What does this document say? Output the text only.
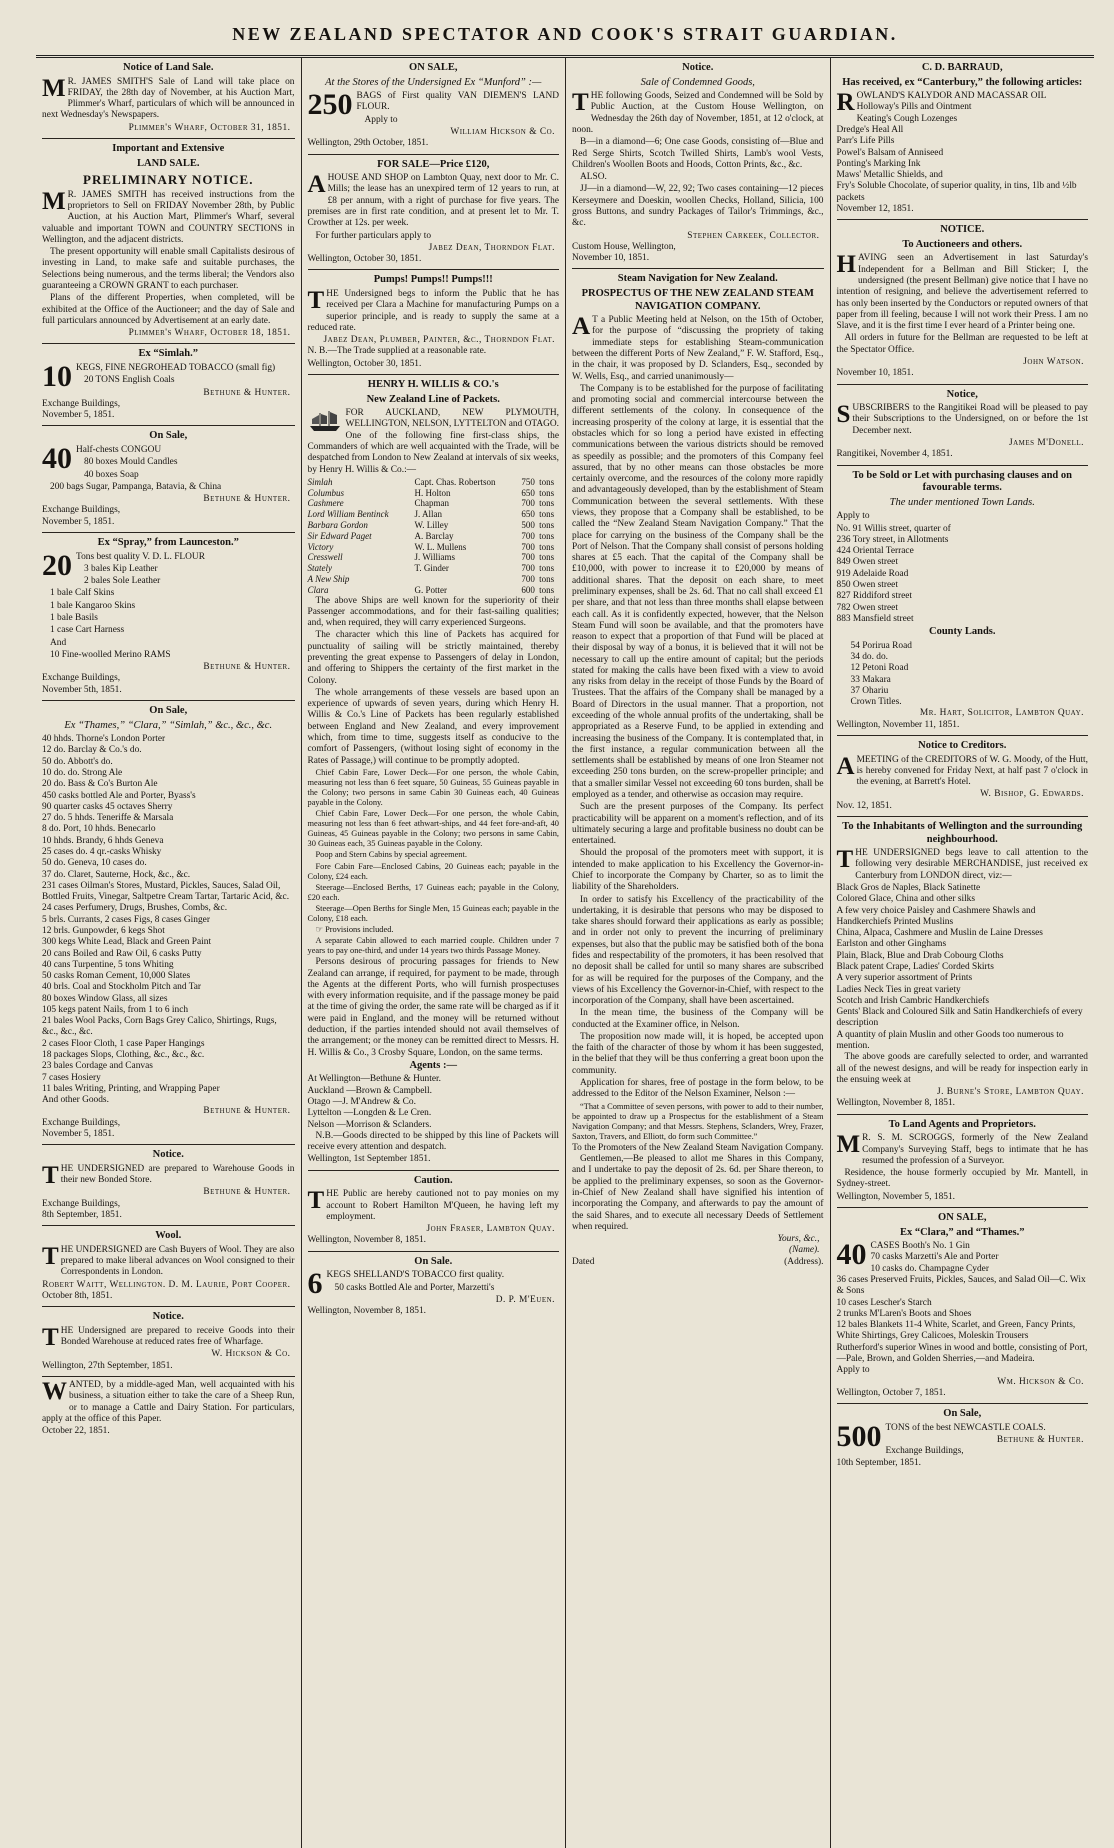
NEW ZEALAND SPECTATOR AND COOK'S STRAIT GUARDIAN.
Notice of Land Sale.
M R. JAMES SMITH'S Sale of Land will take place on FRIDAY, the 28th day of November, at his Auction Mart, Plimmer's Wharf, particulars of which will be announced in next Wednesday's Newspapers.
Plimmer's Wharf, October 31, 1851.
Important and Extensive
LAND SALE.
PRELIMINARY NOTICE.
M R. JAMES SMITH has received instructions from the proprietors to Sell on FRIDAY November 28th, by Public Auction, at his Auction Mart, Plimmer's Wharf, several valuable and important TOWN and COUNTRY SECTIONS in Wellington, and the adjacent districts.
The present opportunity will enable small Capitalists desirous of investing in Land, to make safe and suitable purchases, the Selections being numerous, and the terms liberal; the Vendors also guaranteeing a CROWN GRANT to each purchaser.
Plans of the different Properties, when completed, will be exhibited at the Office of the Auctioneer; and the day of Sale and full particulars announced by Advertisement at an early date.
Plimmer's Wharf, October 18, 1851.
Ex “Simlah.”
10 KEGS, FINE NEGROHEAD TOBACCO (small fig)
20 TONS English Coals
Bethune & Hunter.
Exchange Buildings,
November 5, 1851.
On Sale,
40 Half-chests CONGOU
80 boxes Mould Candles
40 boxes Soap
200 bags Sugar, Pampanga, Batavia, & China
Bethune & Hunter.
Exchange Buildings,
November 5, 1851.
Ex “Spray,” from Launceston.”
20 Tons best quality V. D. L. FLOUR
3 bales Kip Leather
2 bales Sole Leather
1 bale Calf Skins
1 bale Kangaroo Skins
1 bale Basils
1 case Cart Harness
And
10 Fine-woolled Merino RAMS
Bethune & Hunter.
Exchange Buildings,
November 5th, 1851.
On Sale,
Ex “Thames,” “Clara,” “Simlah,” &c., &c., &c.
40 hhds. Thorne's London Porter
12 do. Barclay & Co.'s do.
50 do. Abbott's do.
10 do. do. Strong Ale
20 do. Bass & Co's Burton Ale
450 casks bottled Ale and Porter, Byass's
90 quarter casks 45 octaves Sherry
27 do. 5 hhds. Teneriffe & Marsala
8 do. Port, 10 hhds. Benecarlo
10 hhds. Brandy, 6 hhds Geneva
25 cases do. 4 qr.-casks Whisky
50 do. Geneva, 10 cases do.
37 do. Claret, Sauterne, Hock, &c., &c.
231 cases Oilman's Stores, Mustard, Pickles, Sauces, Salad Oil, Bottled Fruits, Vinegar, Saltpetre Cream Tartar, Tartaric Acid, &c.
24 cases Perfumery, Drugs, Brushes, Combs, &c.
5 brls. Currants, 2 cases Figs, 8 cases Ginger
12 brls. Gunpowder, 6 kegs Shot
300 kegs White Lead, Black and Green Paint
20 cans Boiled and Raw Oil, 6 casks Putty
40 cans Turpentine, 5 tons Whiting
50 casks Roman Cement, 10,000 Slates
40 brls. Coal and Stockholm Pitch and Tar
80 boxes Window Glass, all sizes
105 kegs patent Nails, from 1 to 6 inch
21 bales Wool Packs, Corn Bags Grey Calico, Shirtings, Rugs, &c., &c., &c.
2 cases Floor Cloth, 1 case Paper Hangings
18 packages Slops, Clothing, &c., &c., &c.
23 bales Cordage and Canvas
7 cases Hosiery
11 bales Writing, Printing, and Wrapping Paper
And other Goods.
Bethune & Hunter.
Exchange Buildings,
November 5, 1851.
Notice.
T HE UNDERSIGNED are prepared to Warehouse Goods in their new Bonded Store.
Bethune & Hunter.
Exchange Buildings,
8th September, 1851.
Wool.
T HE UNDERSIGNED are Cash Buyers of Wool. They are also prepared to make liberal advances on Wool consigned to their Correspondents in London.
Robert Waitt, Wellington. D. M. Laurie, Port Cooper.
October 8th, 1851.
Notice.
T HE Undersigned are prepared to receive Goods into their Bonded Warehouse at reduced rates free of Wharfage.
W. Hickson & Co.
Wellington, 27th September, 1851.
W ANTED, by a middle-aged Man, well acquainted with his business, a situation either to take the care of a Sheep Run, or to manage a Cattle and Dairy Station. For particulars, apply at the office of this Paper.
October 22, 1851.
ON SALE,
At the Stores of the Undersigned Ex “Munford” :—
250 BAGS of First quality VAN DIEMEN'S LAND FLOUR.
Apply to
William Hickson & Co.
Wellington, 29th October, 1851.
FOR SALE—Price £120,
A HOUSE AND SHOP on Lambton Quay, next door to Mr. C. Mills; the lease has an unexpired term of 12 years to run, at £8 per annum, with a right of purchase for five years. The premises are in first rate condition, and at present let to Mr. T. Crowther at 12s. per week.
For further particulars apply to
Jabez Dean, Thorndon Flat.
Wellington, October 30, 1851.
Pumps! Pumps!! Pumps!!!
T HE Undersigned begs to inform the Public that he has received per Clara a Machine for manufacturing Pumps on a superior principle, and is ready to supply the same at a reduced rate.
Jabez Dean, Plumber, Painter, &c., Thorndon Flat.
N. B.—The Trade supplied at a reasonable rate.
Wellington, October 30, 1851.
HENRY H. WILLIS & CO.'s
New Zealand Line of Packets.
FOR AUCKLAND, NEW PLYMOUTH, WELLINGTON, NELSON, LYTTELTON and OTAGO. One of the following fine first-class ships, the Commanders of which are well acquainted with the Trade, will be despatched from London to New Zealand at intervals of six weeks, by Henry H. Willis & Co.:—
Simlah	Capt. Chas. Robertson	750	tons
Columbus	H. Holton	650	tons
Cashmere	Chapman	700	tons
Lord William Bentinck	J. Allan	650	tons
Barbara Gordon	W. Lilley	500	tons
Sir Edward Paget	A. Barclay	700	tons
Victory	W. L. Mullens	700	tons
Cresswell	J. Williams	700	tons
Stately	T. Ginder	700	tons
A New Ship		700	tons
Clara	G. Potter	600	tons
The above Ships are well known for the superiority of their Passenger accommodations, and for their fast-sailing qualities; and, when required, they will carry experienced Surgeons.
The character which this line of Packets has acquired for punctuality of sailing will be strictly maintained, thereby preventing the great expense to Passengers of delay in London, and offering to Shippers the certainty of the first market in the Colony.
The whole arrangements of these vessels are based upon an experience of upwards of seven years, during which Henry H. Willis & Co.'s Line of Packets has been regularly established between England and New Zealand, and every improvement which, from time to time, suggests itself as conducive to the comfort of Passengers, (without losing sight of economy in the Rates of Passage,) will continue to be promptly adopted.
Chief Cabin Fare, Lower Deck—For one person, the whole Cabin, measuring not less than 6 feet square, 50 Guineas, 55 Guineas payable in the Colony; two persons in same Cabin 30 Guineas each, 40 Guineas payable in the Colony.
Chief Cabin Fare, Lower Deck—For one person, the whole Cabin, measuring not less than 6 feet athwart-ships, and 44 feet fore-and-aft, 40 Guineas, 45 Guineas payable in the Colony; two persons in same Cabin, 30 Guineas each, 35 Guineas payable in the Colony.
Poop and Stern Cabins by special agreement.
Fore Cabin Fare—Enclosed Cabins, 20 Guineas each; payable in the Colony, £24 each.
Steerage—Enclosed Berths, 17 Guineas each; payable in the Colony, £20 each.
Steerage—Open Berths for Single Men, 15 Guineas each; payable in the Colony, £18 each.
☞ Provisions included.
A separate Cabin allowed to each married couple. Children under 7 years to pay one-third, and under 14 years two thirds Passage Money.
Persons desirous of procuring passages for friends to New Zealand can arrange, if required, for payment to be made, through the Agents at the different Ports, who will furnish prospectuses with every information requisite, and if the passage money be paid at the time of giving the order, the same rate will be charged as if it were paid in England, and the money will be returned without deduction, if the parties intended should not avail themselves of the arrangement; or the money can be remitted direct to Messrs. H. H. Willis & Co., 3 Crosby Square, London, on the same terms.
Agents :—
At Wellington—Bethune & Hunter.
Auckland —Brown & Campbell.
Otago —J. M'Andrew & Co.
Lyttelton —Longden & Le Cren.
Nelson —Morrison & Sclanders.
N.B.—Goods directed to be shipped by this line of Packets will receive every attention and despatch.
Wellington, 1st September 1851.
Caution.
T HE Public are hereby cautioned not to pay monies on my account to Robert Hamilton M'Queen, he having left my employment.
John Fraser, Lambton Quay.
Wellington, November 8, 1851.
On Sale.
6 KEGS SHELLAND'S TOBACCO first quality.
50 casks Bottled Ale and Porter, Marzetti's
D. P. M'Euen.
Wellington, November 8, 1851.
Notice.
Sale of Condemned Goods,
T HE following Goods, Seized and Condemned will be Sold by Public Auction, at the Custom House Wellington, on Wednesday the 26th day of November, 1851, at 12 o'clock, at noon.
B—in a diamond—6; One case Goods, consisting of—Blue and Red Serge Shirts, Scotch Twilled Shirts, Lamb's wool Vests, Children's Woollen Boots and Hoods, Cotton Prints, &c., &c.
ALSO.
JJ—in a diamond—W, 22, 92; Two cases containing—12 pieces Kerseymere and Doeskin, woollen Checks, Holland, Silicia, 100 gross Buttons, and sundry Packages of Tailor's Trimmings, &c., &c.
Stephen Carkeek, Collector.
Custom House, Wellington,
November 10, 1851.
Steam Navigation for New Zealand.
PROSPECTUS OF THE NEW ZEALAND STEAM NAVIGATION COMPANY.
A T a Public Meeting held at Nelson, on the 15th of October, for the purpose of “discussing the propriety of taking immediate steps for establishing Steam-communication between the different Ports of New Zealand,” F. W. Stafford, Esq., in the chair, it was proposed by D. Sclanders, Esq., seconded by W. Wells, Esq., and carried unanimously—
The Company is to be established for the purpose of facilitating and promoting social and commercial intercourse between the different settlements of the colony. In consequence of the increasing prosperity of the colony at large, it is essential that the obstacles which for so long a period have existed in effecting communications between the various districts should be removed as speedily as possible; and the promoters of this Company feel assured, that by no other means can those obstacles be more certainly overcome, and the resources of the colony more rapidly and advantageously developed, than by the establishment of Steam Communication between the several settlements. With these views, they propose that a Company shall be established, to be called the “New Zealand Steam Navigation Company.” That the place for carrying on the business of the Company shall be the Port of Nelson. That the Company shall consist of persons holding shares at £5 each. That the capital of the Company shall be £10,000, with power to increase it to £20,000 by means of additional shares. That the deposit on each share, to meet preliminary expenses, shall be 2s. 6d. That no call shall exceed £1 per share, and that not less than three months shall elapse between each call. As it is confidently expected, however, that the Nelson Steam Fund will soon be available, and that the promoters have reason to expect that a proportion of that Fund will be placed at their disposal by way of a bonus, it is believed that it will not be necessary to call up the entire amount of capital; but the periods stated for making the calls have been fixed with a view to avoid any risks from delay in the receipt of those Funds by the Board of Trustees. That the affairs of the Company shall be managed by a Board of Directors in the usual manner. That a proportion, not exceeding of the whole annual profits of the undertaking, shall be appropriated as a Reserve Fund, to be applied in extending and increasing the business of the Company. It is contemplated that, in the first instance, a regular communication between all the settlements shall be established by means of one Iron Steamer not exceeding 250 tons burden, on the screw-propeller principle; and that a smaller similar Vessel not exceeding 60 tons burden, shall be employed as a tender, and otherwise as occasion may require.
Such are the present purposes of the Company. Its perfect practicability will be apparent on a moment's reflection, and of its ultimately securing a large and profitable business no doubt can be entertained.
Should the proposal of the promoters meet with support, it is intended to make application to his Excellency the Governor-in-Chief to incorporate the Company by Charter, so as to limit the liability of the Shareholders.
In order to satisfy his Excellency of the practicability of the undertaking, it is desirable that persons who may be disposed to take shares should forward their applications as early as possible; and in order not only to prevent the incurring of preliminary expenses, but also that the public may be satisfied both of the bona fides and respectability of the promoters, it has been resolved that no deposit shall be called for until so many shares are subscribed for as will be required for the purposes of the Company, and the views of his Excellency the Governor-in-Chief, with respect to the incorporation of the Company, shall have been ascertained.
In the mean time, the business of the Company will be conducted at the Examiner office, in Nelson.
The proposition now made will, it is hoped, be accepted upon the faith of the character of those by whom it has been suggested, in the belief that they will be thus conferring a great boon upon the community.
Application for shares, free of postage in the form below, to be addressed to the Editor of the Nelson Examiner, Nelson :—
“That a Committee of seven persons, with power to add to their number, be appointed to draw up a Prospectus for the establishment of a Steam Navigation Company; and that Messrs. Stephens, Sclanders, Wrey, Frazer, Saxton, Travers, and Elliott, do form such Committee.”
To the Promoters of the New Zealand Steam Navigation Company.
Gentlemen,—Be pleased to allot me Shares in this Company, and I undertake to pay the deposit of 2s. 6d. per Share thereon, to be applied to the preliminary expenses, so soon as the Governor-in-Chief of New Zealand shall have signified his intention of incorporating the Company, and afterwards to pay the amount of the said Shares, and to execute all necessary Deeds of Settlement when required.
Yours, &c.,
(Name).
Dated	(Address).
C. D. BARRAUD,
Has received, ex “Canterbury,” the following articles:
R OWLAND'S KALYDOR AND MACASSAR OIL
Holloway's Pills and Ointment
Keating's Cough Lozenges
Dredge's Heal All
Parr's Life Pills
Powel's Balsam of Anniseed
Ponting's Marking Ink
Maws' Metallic Shields, and
Fry's Soluble Chocolate, of superior quality, in tins, 1lb and ½lb packets
November 12, 1851.
NOTICE.
To Auctioneers and others.
H AVING seen an Advertisement in last Saturday's Independent for a Bellman and Bill Sticker; I, the undersigned (the present Bellman) give notice that I have no intention of resigning, and believe the advertisement referred to has only been inserted by the Conductors or reputed owners of that paper from ill feeling, because I will not work their Press. I am no Slave, and it is the first time I ever heard of a Printer being one.
All orders in future for the Bellman are requested to be left at the Spectator Office.
John Watson.
November 10, 1851.
Notice,
S UBSCRIBERS to the Rangitikei Road will be pleased to pay their Subscriptions to the Undersigned, on or before the 1st December next.
James M'Donell.
Rangitikei, November 4, 1851.
To be Sold or Let with purchasing clauses and on favourable terms.
The under mentioned Town Lands.
Apply to
No. 91 Willis street, quarter of
236 Tory street, in Allotments
424 Oriental Terrace
849 Owen street
919 Adelaide Road
850 Owen street
827 Riddiford street
782 Owen street
883 Mansfield street
County Lands.
54 Porirua Road
34 do. do.
12 Petoni Road
33 Makara
37 Ohariu
Crown Titles.
Mr. Hart, Solicitor, Lambton Quay.
Wellington, November 11, 1851.
Notice to Creditors.
A MEETING of the CREDITORS of W. G. Moody, of the Hutt, is hereby convened for Friday Next, at half past 7 o'clock in the evening, at Barrett's Hotel.
W. Bishop, G. Edwards.
Nov. 12, 1851.
To the Inhabitants of Wellington and the surrounding neighbourhood.
T HE UNDERSIGNED begs leave to call attention to the following very desirable MERCHANDISE, just received ex Canterbury from LONDON direct, viz:—
Black Gros de Naples, Black Satinette
Colored Glace, China and other silks
A few very choice Paisley and Cashmere Shawls and Handkerchiefs Printed Muslins
China, Alpaca, Cashmere and Muslin de Laine Dresses
Earlston and other Ginghams
Plain, Black, Blue and Drab Cobourg Cloths
Black patent Crape, Ladies' Corded Skirts
A very superior assortment of Prints
Ladies Neck Ties in great variety
Scotch and Irish Cambric Handkerchiefs
Gents' Black and Coloured Silk and Satin Handkerchiefs of every description
A quantity of plain Muslin and other Goods too numerous to mention.
The above goods are carefully selected to order, and warranted all of the newest designs, and will be ready for inspection early in the ensuing week at
J. Burne's Store, Lambton Quay.
Wellington, November 8, 1851.
To Land Agents and Proprietors.
M R. S. M. SCROGGS, formerly of the New Zealand Company's Surveying Staff, begs to intimate that he has resumed the profession of a Surveyor.
Residence, the house formerly occupied by Mr. Mantell, in Sydney-street.
Wellington, November 5, 1851.
ON SALE,
Ex “Clara,” and “Thames.”
40 CASES Booth's No. 1 Gin
70 casks Marzetti's Ale and Porter
10 casks do. Champagne Cyder
36 cases Preserved Fruits, Pickles, Sauces, and Salad Oil—C. Wix & Sons
10 cases Lescher's Starch
2 trunks M'Laren's Boots and Shoes
12 bales Blankets 11-4 White, Scarlet, and Green, Fancy Prints, White Shirtings, Grey Calicoes, Moleskin Trousers
Rutherford's superior Wines in wood and bottle, consisting of Port,—Pale, Brown, and Golden Sherries,—and Madeira.
Apply to
Wm. Hickson & Co.
Wellington, October 7, 1851.
On Sale,
500 TONS of the best NEWCASTLE COALS.
Bethune & Hunter.
Exchange Buildings,
10th September, 1851.
